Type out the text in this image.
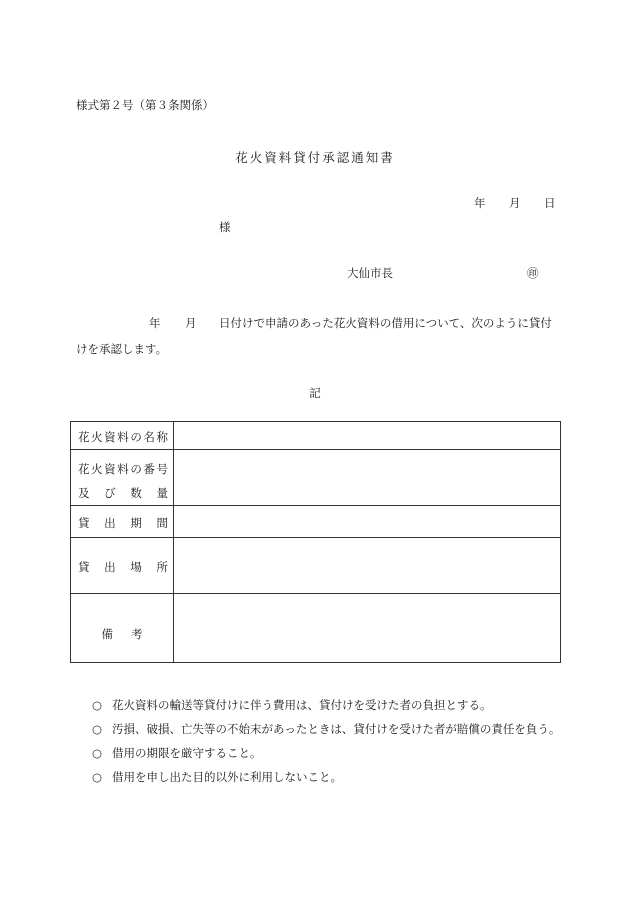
様式第２号（第３条関係）
花火資料貸付承認通知書
年 月 日
様
大仙市長	㊞
年 月 日付けで申請のあった花火資料の借用について、次のように貸付
けを承認します。
記
花 火 資 料 の 名 称
花 火 資 料 の 番 号
及 び 数 量
貸 出 期 間
貸 出 場 所
備考
○ 花火資料の輸送等貸付けに伴う費用は、貸付けを受けた者の負担とする。
○ 汚損、破損、亡失等の不始末があったときは、貸付けを受けた者が賠償の責任を負う。
○ 借用の期限を厳守すること。
○ 借用を申し出た目的以外に利用しないこと。
